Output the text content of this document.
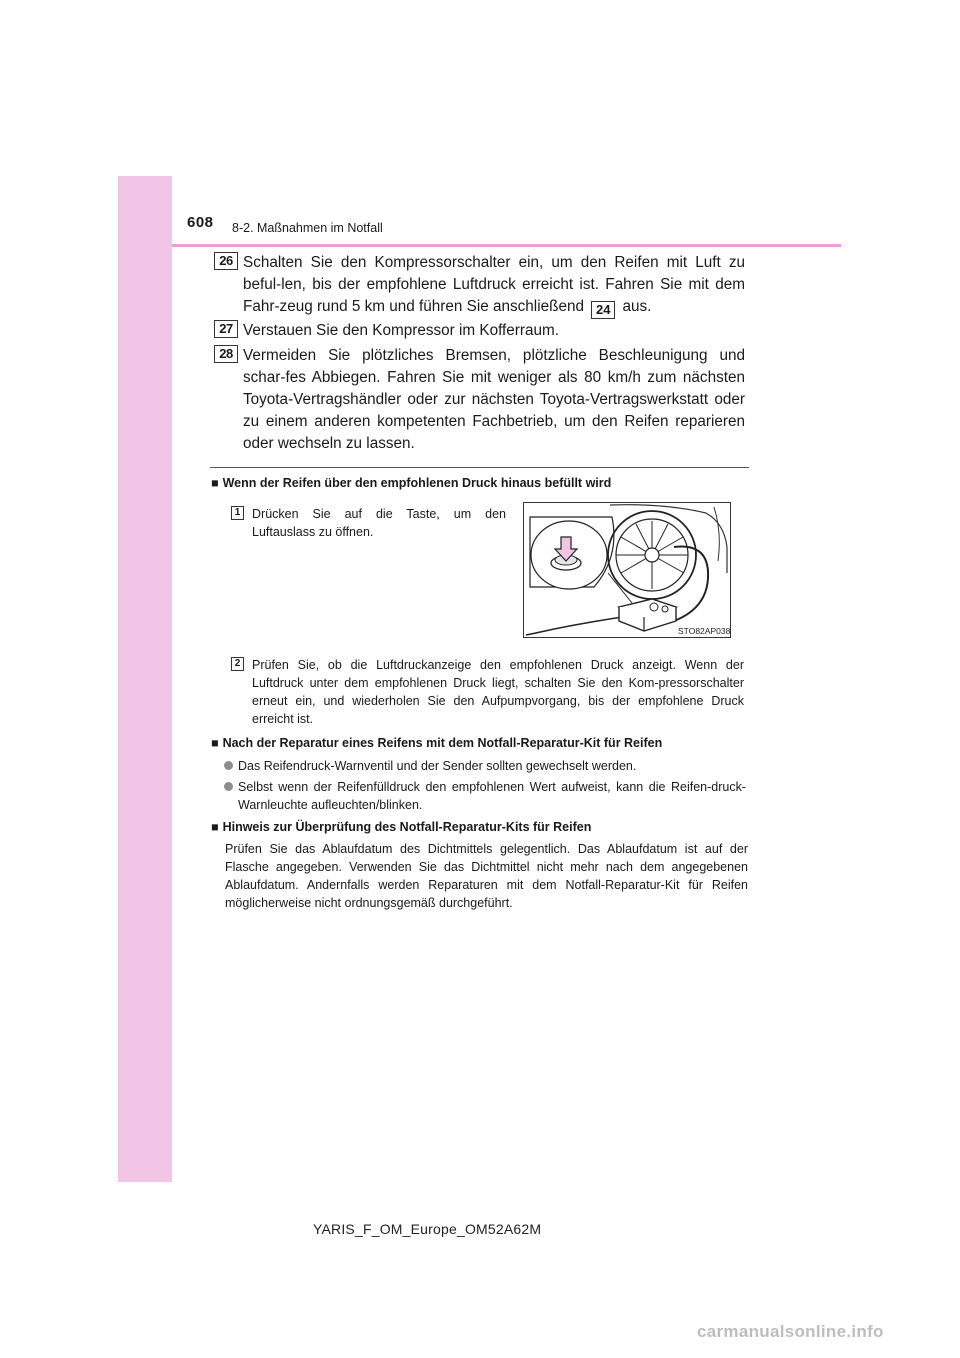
608 8-2. Maßnahmen im Notfall
26 Schalten Sie den Kompressorschalter ein, um den Reifen mit Luft zu beful-len, bis der empfohlene Luftdruck erreicht ist. Fahren Sie mit dem Fahr-zeug rund 5 km und führen Sie anschließend 24 aus.
27 Verstauen Sie den Kompressor im Kofferraum.
28 Vermeiden Sie plötzliches Bremsen, plötzliche Beschleunigung und schar-fes Abbiegen. Fahren Sie mit weniger als 80 km/h zum nächsten Toyota-Vertragshändler oder zur nächsten Toyota-Vertragswerkstatt oder zu einem anderen kompetenten Fachbetrieb, um den Reifen reparieren oder wechseln zu lassen.
■ Wenn der Reifen über den empfohlenen Druck hinaus befüllt wird
1 Drücken Sie auf die Taste, um den Luftauslass zu öffnen.
STO82AP038
2 Prüfen Sie, ob die Luftdruckanzeige den empfohlenen Druck anzeigt. Wenn der Luftdruck unter dem empfohlenen Druck liegt, schalten Sie den Kom-pressorschalter erneut ein, und wiederholen Sie den Aufpumpvorgang, bis der empfohlene Druck erreicht ist.
■ Nach der Reparatur eines Reifens mit dem Notfall-Reparatur-Kit für Reifen
Das Reifendruck-Warnventil und der Sender sollten gewechselt werden.
Selbst wenn der Reifenfülldruck den empfohlenen Wert aufweist, kann die Reifen-druck-Warnleuchte aufleuchten/blinken.
■ Hinweis zur Überprüfung des Notfall-Reparatur-Kits für Reifen
Prüfen Sie das Ablaufdatum des Dichtmittels gelegentlich. Das Ablaufdatum ist auf der Flasche angegeben. Verwenden Sie das Dichtmittel nicht mehr nach dem angegebenen Ablaufdatum. Andernfalls werden Reparaturen mit dem Notfall-Reparatur-Kit für Reifen möglicherweise nicht ordnungsgemäß durchgeführt.
YARIS_F_OM_Europe_OM52A62M
carmanualsonline.info
